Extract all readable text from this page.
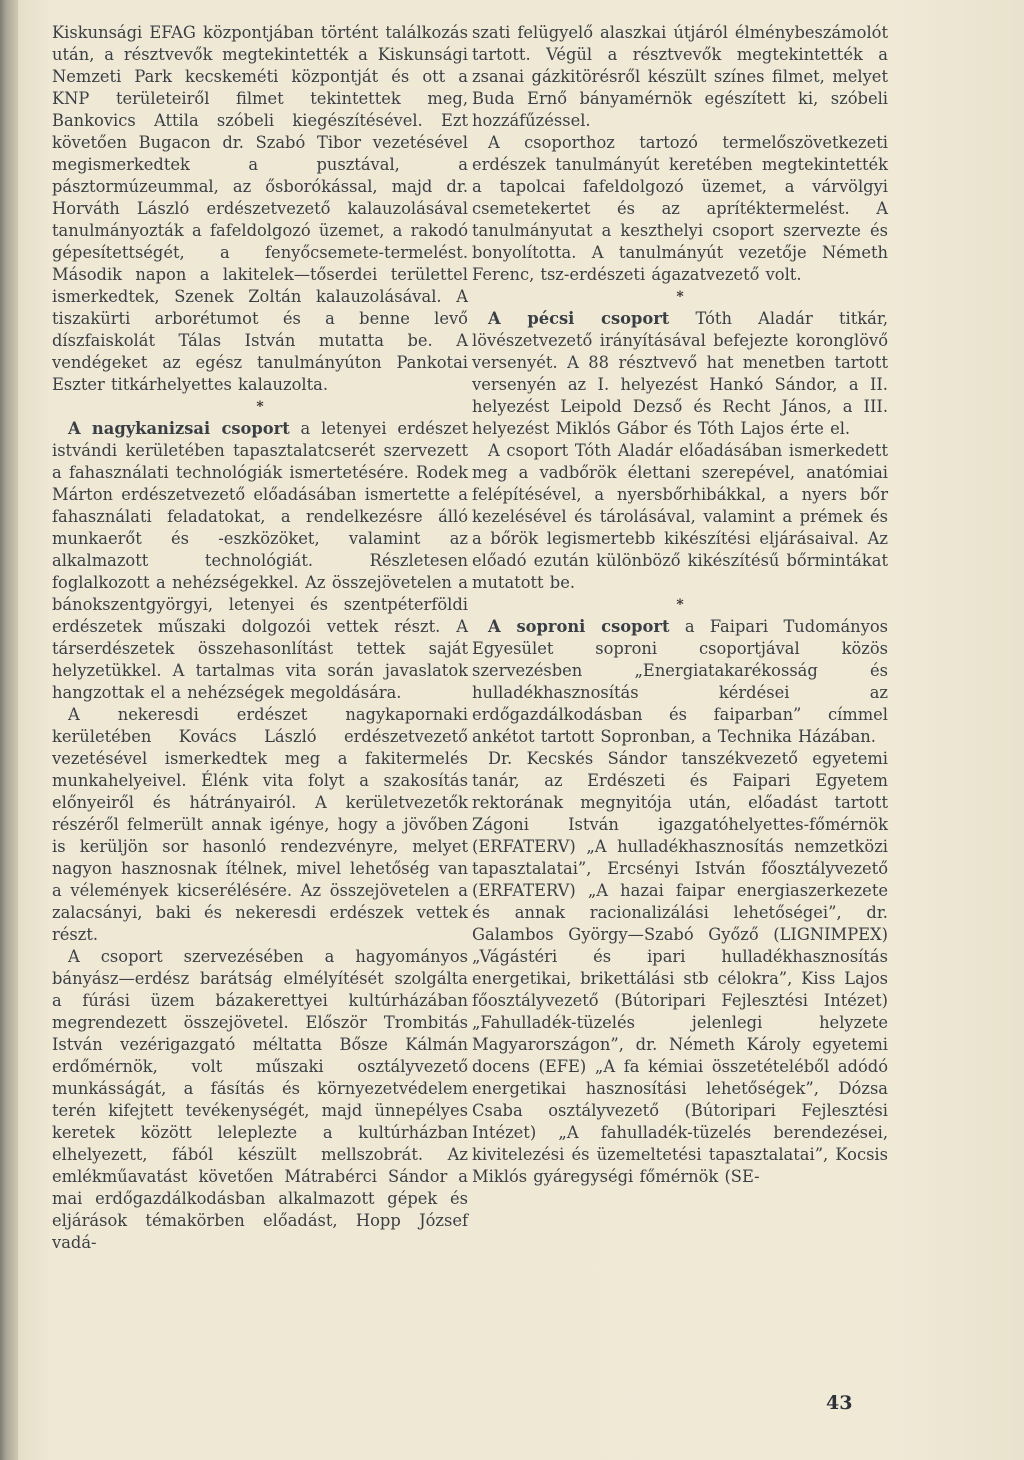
Kiskunsági EFAG központjában történt találkozás után, a résztvevők megtekintették a Kiskunsági Nemzeti Park kecskeméti központját és ott a KNP területeiről filmet tekintettek meg, Bankovics Attila szóbeli kiegészítésével. Ezt követően Bugacon dr. Szabó Tibor vezetésével megismerkedtek a pusztával, a pásztormúzeummal, az ősborókással, majd dr. Horváth László erdészetvezető kalauzolásával tanulmányozták a fafeldolgozó üzemet, a rakodó gépesítettségét, a fenyőcsemete-termelést. Második napon a lakitelek—tőserdei területtel ismerkedtek, Szenek Zoltán kalauzolásával. A tiszakürti arborétumot és a benne levő díszfaiskolát Tálas István mutatta be. A vendégeket az egész tanulmányúton Pankotai Eszter titkárhelyettes kalauzolta.

*

A nagykanizsai csoport a letenyei erdészet istvándi kerületében tapasztalatcserét szervezett a fahasználati technológiák ismertetésére. Rodek Márton erdészetvezető előadásában ismertette a fahasználati feladatokat, a rendelkezésre álló munkaerőt és -eszközöket, valamint az alkalmazott technológiát. Részletesen foglalkozott a nehézségekkel. Az összejövetelen a bánokszentgyörgyi, letenyei és szentpéterföldi erdészetek műszaki dolgozói vettek részt. A társerdészetek összehasonlítást tettek saját helyzetükkel. A tartalmas vita során javaslatok hangzottak el a nehézségek megoldására.

A nekeresdi erdészet nagykapornaki kerületében Kovács László erdészetvezető vezetésével ismerkedtek meg a fakitermelés munkahelyeivel. Élénk vita folyt a szakosítás előnyeiről és hátrányairól. A kerületvezetők részéről felmerült annak igénye, hogy a jövőben is kerüljön sor hasonló rendezvényre, melyet nagyon hasznosnak ítélnek, mivel lehetőség van a vélemények kicserélésére. Az összejövetelen a zalacsányi, baki és nekeresdi erdészek vettek részt.

A csoport szervezésében a hagyományos bányász—erdész barátság elmélyítését szolgálta a fúrási üzem bázakerettyei kultúrházában megrendezett összejövetel. Először Trombitás István vezérigazgató méltatta Bősze Kálmán erdőmérnök, volt műszaki osztályvezető munkásságát, a fásítás és környezetvédelem terén kifejtett tevékenységét, majd ünnepélyes keretek között leleplezte a kultúrházban elhelyezett, fából készült mellszobrát. Az emlékműavatást követően Mátrabérci Sándor a mai erdőgazdálkodásban alkalmazott gépek és eljárások témakörben előadást, Hopp József vadá-

szati felügyelő alaszkai útjáról élménybeszámolót tartott. Végül a résztvevők megtekintették a zsanai gázkitörésről készült színes filmet, melyet Buda Ernő bányamérnök egészített ki, szóbeli hozzáfűzéssel.

A csoporthoz tartozó termelőszövetkezeti erdészek tanulmányút keretében megtekintették a tapolcai fafeldolgozó üzemet, a várvölgyi csemetekertet és az aprítéktermelést. A tanulmányutat a keszthelyi csoport szervezte és bonyolította. A tanulmányút vezetője Németh Ferenc, tsz-erdészeti ágazatvezető volt.

*

A pécsi csoport Tóth Aladár titkár, lövészetvezető irányításával befejezte koronglövő versenyét. A 88 résztvevő hat menetben tartott versenyén az I. helyezést Hankó Sándor, a II. helyezést Leipold Dezső és Recht János, a III. helyezést Miklós Gábor és Tóth Lajos érte el.

A csoport Tóth Aladár előadásában ismerkedett meg a vadbőrök élettani szerepével, anatómiai felépítésével, a nyersbőrhibákkal, a nyers bőr kezelésével és tárolásával, valamint a prémek és a bőrök legismertebb kikészítési eljárásaival. Az előadó ezután különböző kikészítésű bőrmintákat mutatott be.

*

A soproni csoport a Faipari Tudományos Egyesület soproni csoportjával közös szervezésben „Energiatakarékosság és hulladékhasznosítás kérdései az erdőgazdálkodásban és faiparban” címmel ankétot tartott Sopronban, a Technika Házában.

Dr. Kecskés Sándor tanszékvezető egyetemi tanár, az Erdészeti és Faipari Egyetem rektorának megnyitója után, előadást tartott Zágoni István igazgatóhelyettes-főmérnök (ERFATERV) „A hulladékhasznosítás nemzetközi tapasztalatai”, Ercsényi István főosztályvezető (ERFATERV) „A hazai faipar energiaszerkezete és annak racionalizálási lehetőségei”, dr. Galambos György—Szabó Győző (LIGNIMPEX) „Vágástéri és ipari hulladékhasznosítás energetikai, brikettálási stb célokra”, Kiss Lajos főosztályvezető (Bútoripari Fejlesztési Intézet) „Fahulladék-tüzelés jelenlegi helyzete Magyarországon”, dr. Németh Károly egyetemi docens (EFE) „A fa kémiai összetételéből adódó energetikai hasznosítási lehetőségek”, Dózsa Csaba osztályvezető (Bútoripari Fejlesztési Intézet) „A fahulladék-tüzelés berendezései, kivitelezési és üzemeltetési tapasztalatai”, Kocsis Miklós gyáregységi főmérnök (SE-

43
